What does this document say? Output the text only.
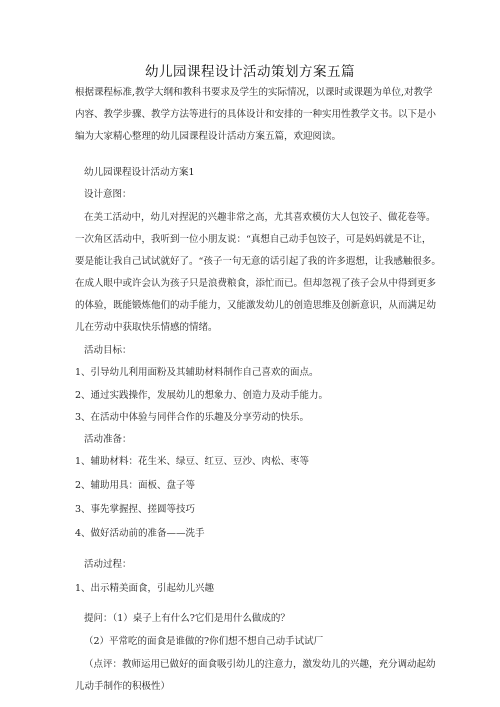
幼儿园课程设计活动策划方案五篇
根据课程标准,教学大纲和教科书要求及学生的实际情况，以课时或课题为单位,对教学
内容、教学步骤、教学方法等进行的具体设计和安排的一种实用性教学文书。以下是小
编为大家精心整理的幼儿园课程设计活动方案五篇，欢迎阅读。
幼儿园课程设计活动方案1
设计意图：
在美工活动中，幼儿对捏泥的兴趣非常之高，尤其喜欢模仿大人包饺子、做花卷等。
一次角区活动中，我听到一位小朋友说：“真想自己动手包饺子，可是妈妈就是不让，
要是能让我自己试试就好了。“孩子一句无意的话引起了我的许多遐想，让我感触很多。
在成人眼中或许会认为孩子只是浪费粮食，添忙而已。但却忽视了孩子会从中得到更多
的体验，既能锻炼他们的动手能力，又能激发幼儿的创造思维及创新意识，从而满足幼
儿在劳动中获取快乐情感的情绪。
活动目标：
1、引导幼儿利用面粉及其辅助材料制作自己喜欢的面点。
2、通过实践操作，发展幼儿的想象力、创造力及动手能力。
3、在活动中体验与同伴合作的乐趣及分享劳动的快乐。
活动准备：
1、辅助材料：花生米、绿豆、红豆、豆沙、肉松、枣等
2、辅助用具：面板、盘子等
3、事先掌握捏、搓圆等技巧
4、做好活动前的准备——洗手
活动过程：
1、出示精美面食，引起幼儿兴趣
提问：（1）桌子上有什么?它们是用什么做成的？
（2）平常吃的面食是谁做的?你们想不想自己动手试试厂
（点评：教师运用已做好的面食吸引幼儿的注意力，激发幼儿的兴趣，充分调动起幼
儿动手制作的积极性）
